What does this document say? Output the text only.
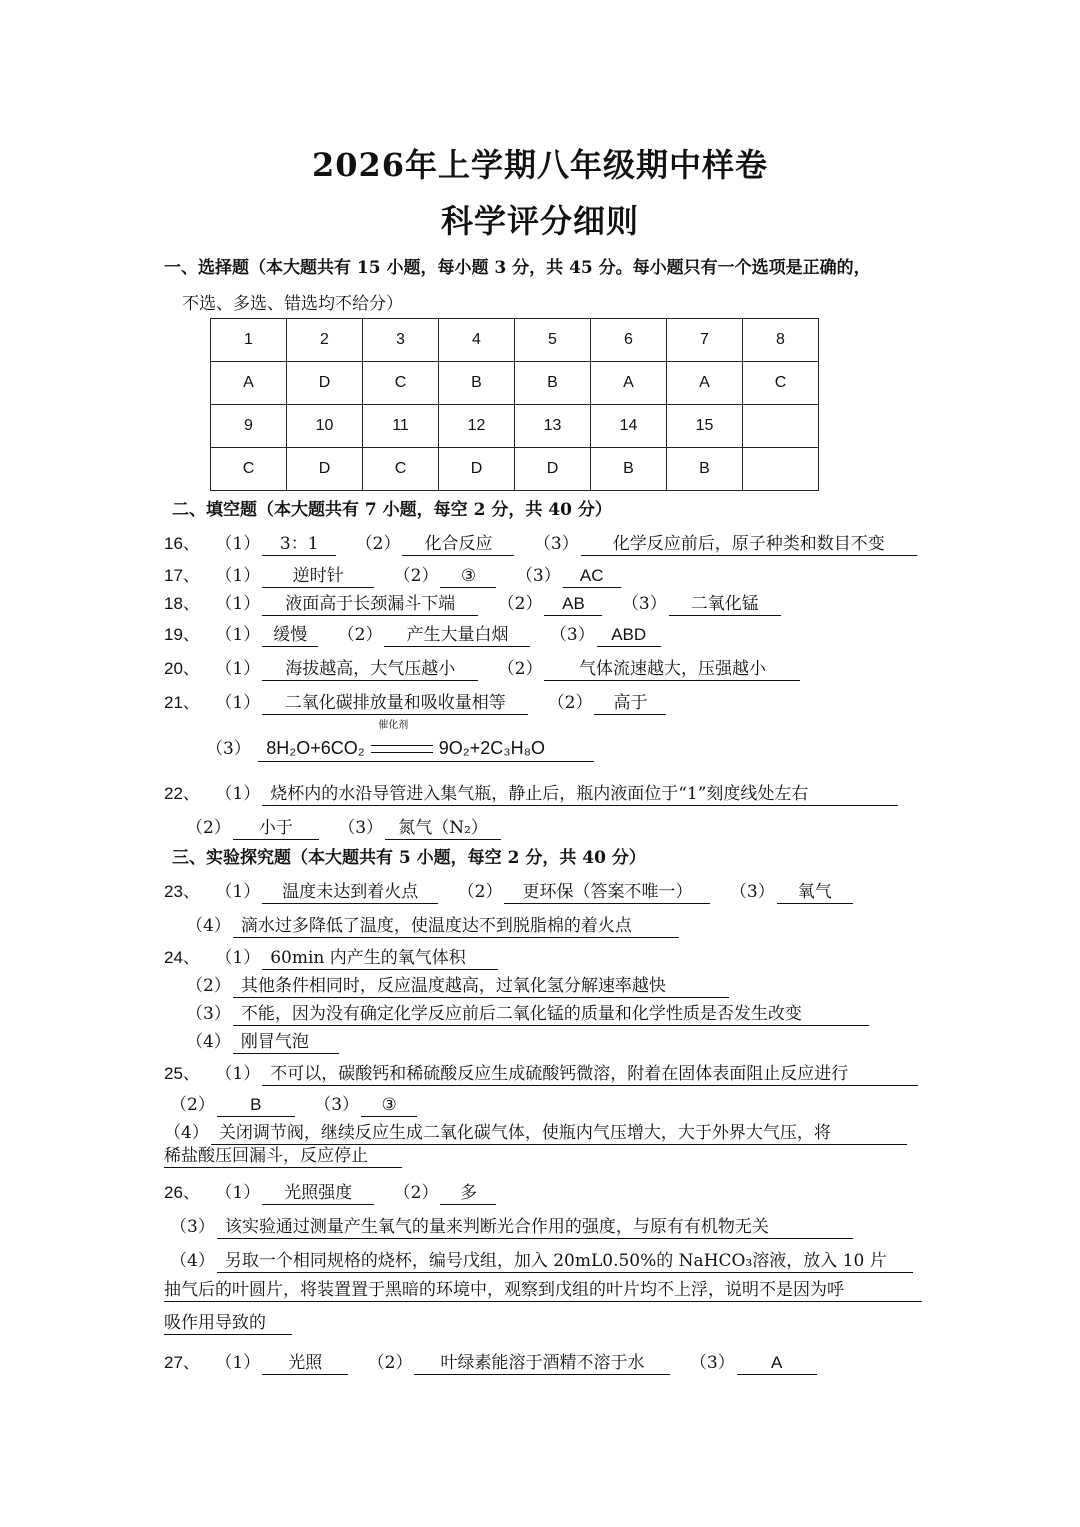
2026年上学期八年级期中样卷
科学评分细则
一、选择题（本大题共有 15 小题，每小题 3 分，共 45 分。每小题只有一个选项是正确的，
不选、多选、错选均不给分）
1	2	3	4	5	6	7	8
A	D	C	B	B	A	A	C
9	10	11	12	13	14	15	
C	D	C	D	D	B	B	
二、填空题（本大题共有 7 小题，每空 2 分，共 40 分）
16、 （1） 3：1 （2） 化合反应 （3） 化学反应前后，原子种类和数目不变
17、 （1） 逆时针	（2） ③ （3） AC
18、 （1） 液面高于长颈漏斗下端 （2） AB （3） 二氧化锰
19、 （1） 缓慢 （2） 产生大量白烟 （3） ABD
20、 （1） 海拔越高，大气压越小 （2） 气体流速越大，压强越小
21、 （1） 二氧化碳排放量和吸收量相等 （2） 高于
（3） 8H₂O+6CO₂
催化剂
9O₂+2C₃H₈O
22、 （1） 烧杯内的水沿导管进入集气瓶，静止后，瓶内液面位于“1”刻度线处左右
（2） 小于	（3） 氮气（N₂）
三、实验探究题（本大题共有 5 小题，每空 2 分，共 40 分）
23、 （1） 温度未达到着火点 （2） 更环保（答案不唯一） （3） 氧气
（4） 滴水过多降低了温度，使温度达不到脱脂棉的着火点
24、 （1） 60min 内产生的氧气体积
（2） 其他条件相同时，反应温度越高，过氧化氢分解速率越快
（3） 不能，因为没有确定化学反应前后二氧化锰的质量和化学性质是否发生改变
（4） 刚冒气泡
25、 （1） 不可以，碳酸钙和稀硫酸反应生成硫酸钙微溶，附着在固体表面阻止反应进行
（2） B	（3） ③
（4） 关闭调节阀，继续反应生成二氧化碳气体，使瓶内气压增大，大于外界大气压，将
稀盐酸压回漏斗，反应停止
26、 （1） 光照强度 （2） 多
（3） 该实验通过测量产生氧气的量来判断光合作用的强度，与原有有机物无关
（4） 另取一个相同规格的烧杯，编号戊组，加入 20mL0.50%的 NaHCO₃溶液，放入 10 片
抽气后的叶圆片，将装置置于黑暗的环境中，观察到戊组的叶片均不上浮，说明不是因为呼
吸作用导致的
27、 （1） 光照	（2） 叶绿素能溶于酒精不溶于水	（3） A
